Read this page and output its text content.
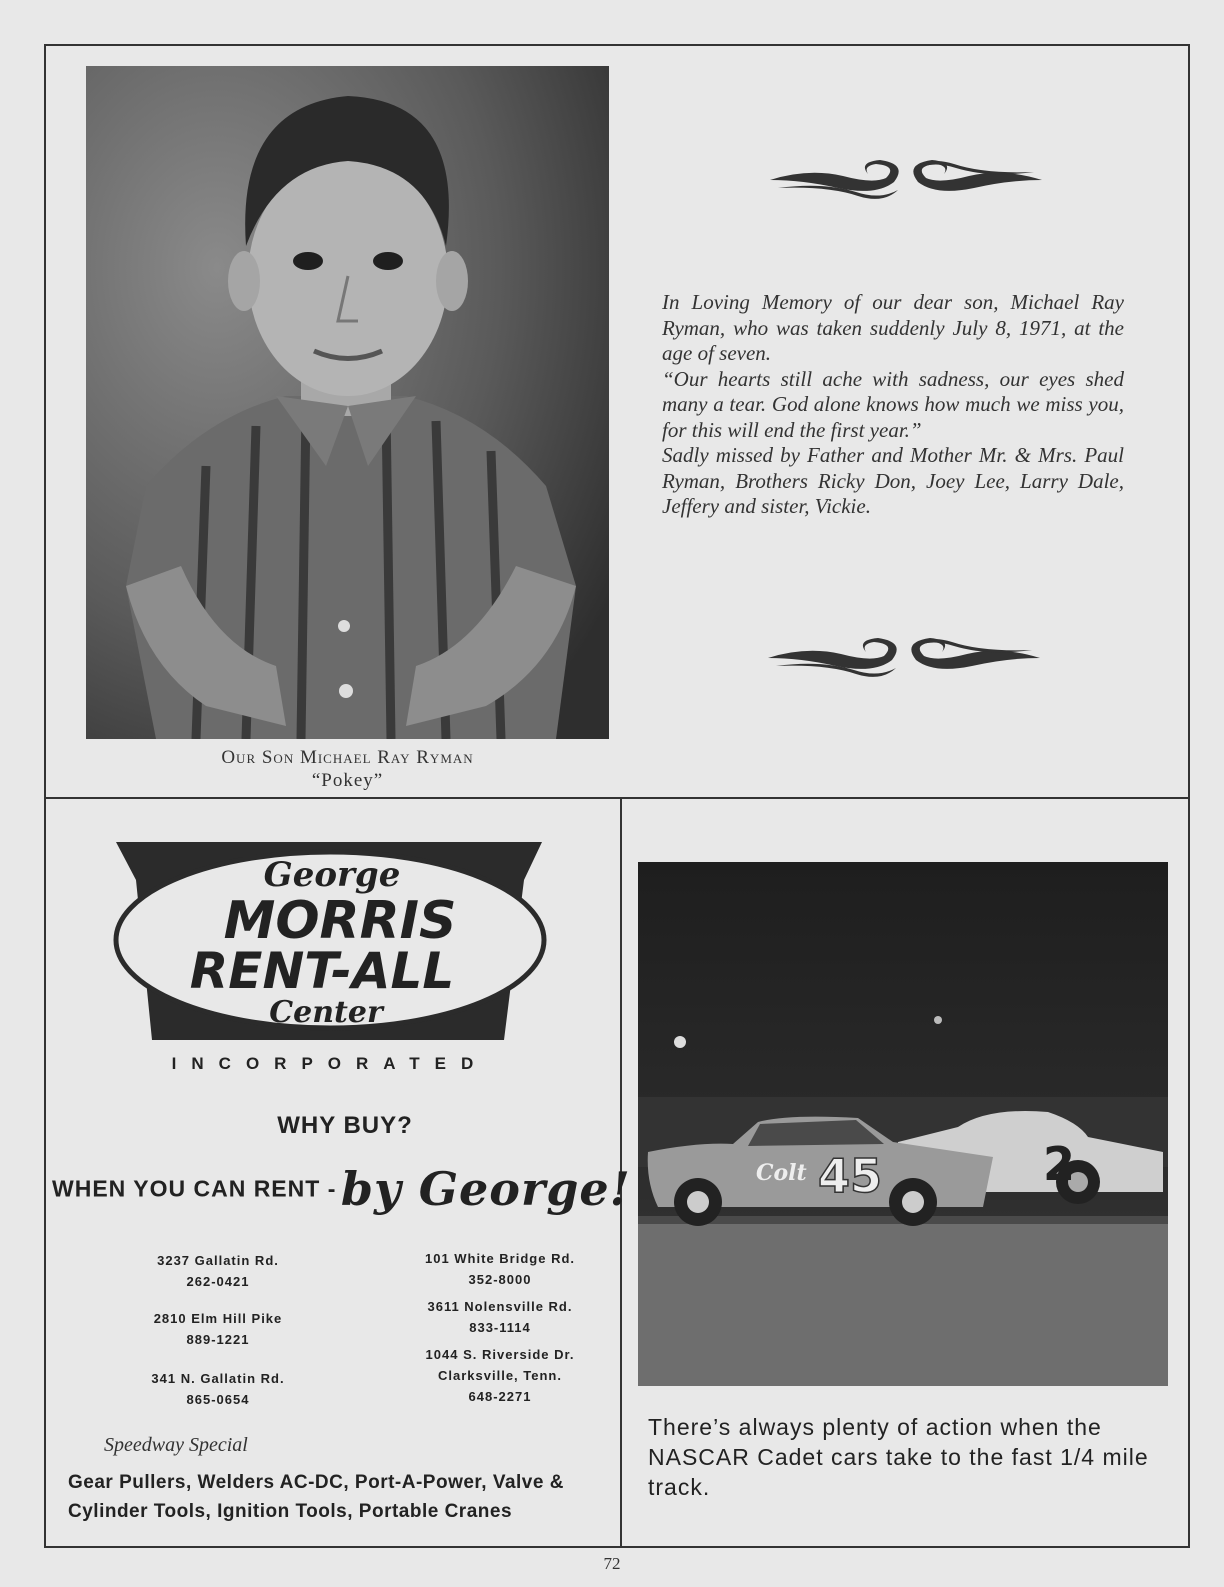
Our Son Michael Ray Ryman
“Pokey”

In Loving Memory of our dear son, Michael Ray Ryman, who was taken suddenly July 8, 1971, at the age of seven.

“Our hearts still ache with sadness, our eyes shed many a tear. God alone knows how much we miss you, for this will end the first year.”

Sadly missed by Father and Mother Mr. & Mrs. Paul Ryman, Brothers Ricky Don, Joey Lee, Larry Dale, Jeffery and sister, Vickie.

George
MORRIS
RENT-ALL
Center
INCORPORATED
WHY BUY?
WHEN YOU CAN RENT - by George!
3237 Gallatin Rd.
262-0421
2810 Elm Hill Pike
889-1221
341 N. Gallatin Rd.
865-0654
101 White Bridge Rd.
352-8000
3611 Nolensville Rd.
833-1114
1044 S. Riverside Dr.
Clarksville, Tenn.
648-2271
Speedway Special
Gear Pullers, Welders AC-DC, Port-A-Power, Valve & Cylinder Tools, Ignition Tools, Portable Cranes
2
Colt 45
There’s always plenty of action when the NASCAR Cadet cars take to the fast 1/4 mile track.
72
